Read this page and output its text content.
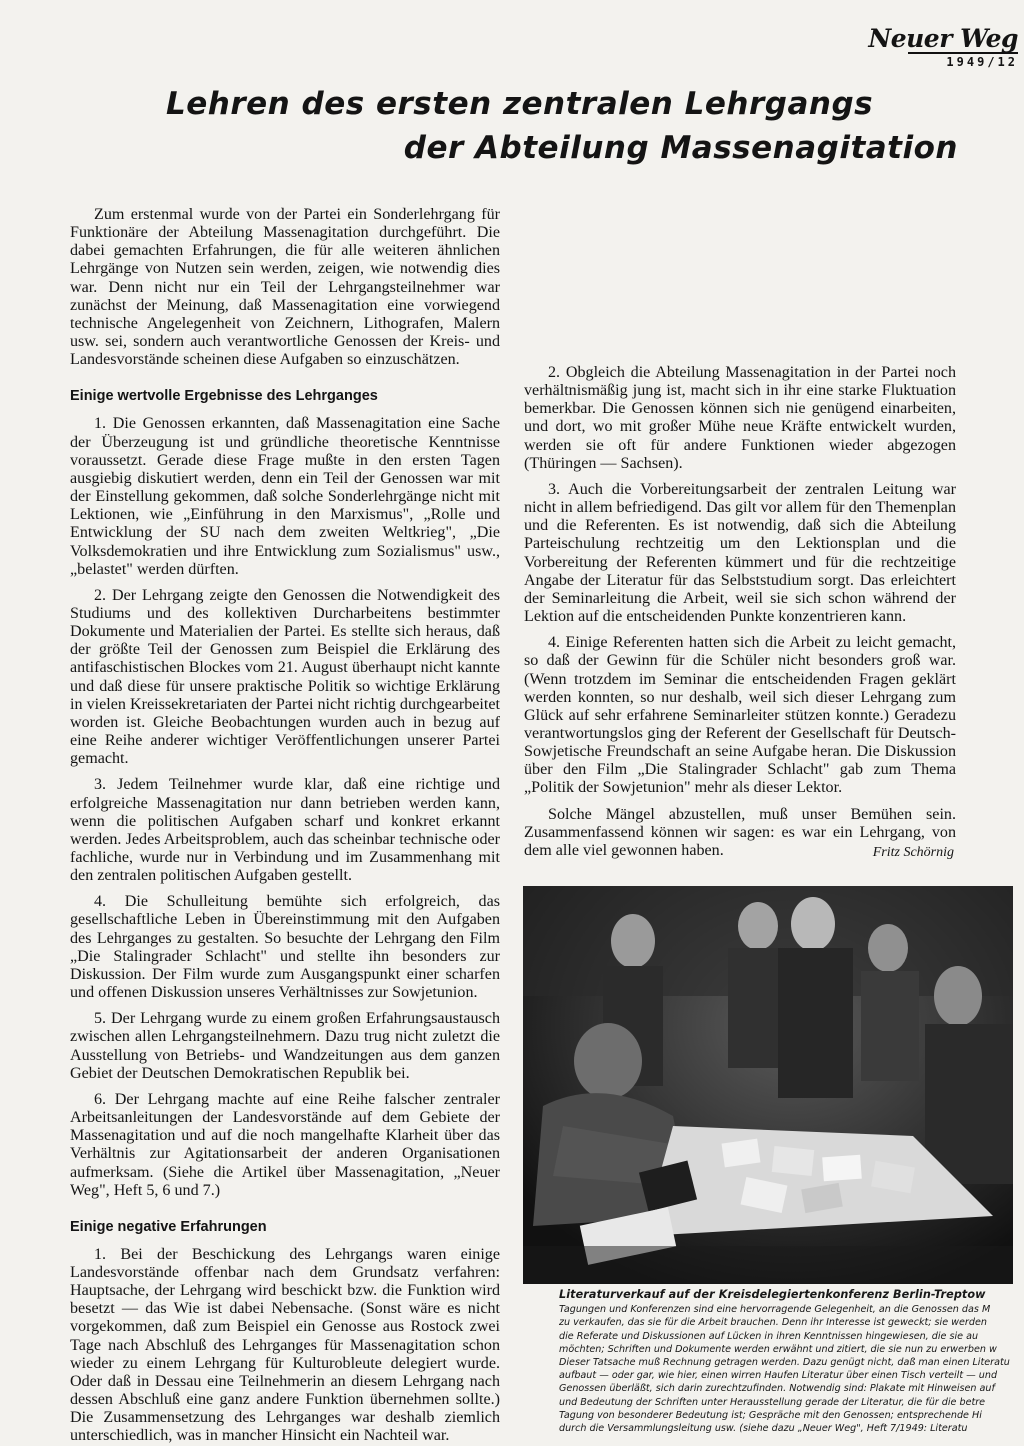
Neuer Weg
1949/12
Lehren des ersten zentralen Lehrgangs
der Abteilung Massenagitation

Zum erstenmal wurde von der Partei ein Sonderlehrgang für Funktionäre der Abteilung Massenagitation durchgeführt. Die dabei gemachten Erfahrungen, die für alle weiteren ähnlichen Lehrgänge von Nutzen sein werden, zeigen, wie notwendig dies war. Denn nicht nur ein Teil der Lehrgangsteilnehmer war zunächst der Meinung, daß Massenagitation eine vorwiegend technische Angelegenheit von Zeichnern, Lithografen, Malern usw. sei, sondern auch verantwortliche Genossen der Kreis- und Landesvorstände scheinen diese Aufgaben so einzuschätzen.

Einige wertvolle Ergebnisse des Lehrganges

1. Die Genossen erkannten, daß Massenagitation eine Sache der Überzeugung ist und gründliche theoretische Kenntnisse voraussetzt. Gerade diese Frage mußte in den ersten Tagen ausgiebig diskutiert werden, denn ein Teil der Genossen war mit der Einstellung gekommen, daß solche Sonderlehrgänge nicht mit Lektionen, wie „Einführung in den Marxismus", „Rolle und Entwicklung der SU nach dem zweiten Weltkrieg", „Die Volksdemokratien und ihre Entwicklung zum Sozialismus" usw., „belastet" werden dürften.

2. Der Lehrgang zeigte den Genossen die Notwendigkeit des Studiums und des kollektiven Durcharbeitens bestimmter Dokumente und Materialien der Partei. Es stellte sich heraus, daß der größte Teil der Genossen zum Beispiel die Erklärung des antifaschistischen Blockes vom 21. August überhaupt nicht kannte und daß diese für unsere praktische Politik so wichtige Erklärung in vielen Kreissekretariaten der Partei nicht richtig durchgearbeitet worden ist. Gleiche Beobachtungen wurden auch in bezug auf eine Reihe anderer wichtiger Veröffentlichungen unserer Partei gemacht.

3. Jedem Teilnehmer wurde klar, daß eine richtige und erfolgreiche Massenagitation nur dann betrieben werden kann, wenn die politischen Aufgaben scharf und konkret erkannt werden. Jedes Arbeitsproblem, auch das scheinbar technische oder fachliche, wurde nur in Verbindung und im Zusammenhang mit den zentralen politischen Aufgaben gestellt.

4. Die Schulleitung bemühte sich erfolgreich, das gesellschaftliche Leben in Übereinstimmung mit den Aufgaben des Lehrganges zu gestalten. So besuchte der Lehrgang den Film „Die Stalingrader Schlacht" und stellte ihn besonders zur Diskussion. Der Film wurde zum Ausgangspunkt einer scharfen und offenen Diskussion unseres Verhältnisses zur Sowjetunion.

5. Der Lehrgang wurde zu einem großen Erfahrungsaustausch zwischen allen Lehrgangsteilnehmern. Dazu trug nicht zuletzt die Ausstellung von Betriebs- und Wandzeitungen aus dem ganzen Gebiet der Deutschen Demokratischen Republik bei.

6. Der Lehrgang machte auf eine Reihe falscher zentraler Arbeitsanleitungen der Landesvorstände auf dem Gebiete der Massenagitation und auf die noch mangelhafte Klarheit über das Verhältnis zur Agitationsarbeit der anderen Organisationen aufmerksam. (Siehe die Artikel über Massenagitation, „Neuer Weg", Heft 5, 6 und 7.)

Einige negative Erfahrungen

1. Bei der Beschickung des Lehrgangs waren einige Landesvorstände offenbar nach dem Grundsatz verfahren: Hauptsache, der Lehrgang wird beschickt bzw. die Funktion wird besetzt — das Wie ist dabei Nebensache. (Sonst wäre es nicht vorgekommen, daß zum Beispiel ein Genosse aus Rostock zwei Tage nach Abschluß des Lehrganges für Massenagitation schon wieder zu einem Lehrgang für Kulturobleute delegiert wurde. Oder daß in Dessau eine Teilnehmerin an diesem Lehrgang nach dessen Abschluß eine ganz andere Funktion übernehmen sollte.) Die Zusammensetzung des Lehrganges war deshalb ziemlich unterschiedlich, was in mancher Hinsicht ein Nachteil war.

2. Obgleich die Abteilung Massenagitation in der Partei noch verhältnismäßig jung ist, macht sich in ihr eine starke Fluktuation bemerkbar. Die Genossen können sich nie genügend einarbeiten, und dort, wo mit großer Mühe neue Kräfte entwickelt wurden, werden sie oft für andere Funktionen wieder abgezogen (Thüringen — Sachsen).

3. Auch die Vorbereitungsarbeit der zentralen Leitung war nicht in allem befriedigend. Das gilt vor allem für den Themenplan und die Referenten. Es ist notwendig, daß sich die Abteilung Parteischulung rechtzeitig um den Lektionsplan und die Vorbereitung der Referenten kümmert und für die rechtzeitige Angabe der Literatur für das Selbststudium sorgt. Das erleichtert der Seminarleitung die Arbeit, weil sie sich schon während der Lektion auf die entscheidenden Punkte konzentrieren kann.

4. Einige Referenten hatten sich die Arbeit zu leicht gemacht, so daß der Gewinn für die Schüler nicht besonders groß war. (Wenn trotzdem im Seminar die entscheidenden Fragen geklärt werden konnten, so nur deshalb, weil sich dieser Lehrgang zum Glück auf sehr erfahrene Seminarleiter stützen konnte.) Geradezu verantwortungslos ging der Referent der Gesellschaft für Deutsch-Sowjetische Freundschaft an seine Aufgabe heran. Die Diskussion über den Film „Die Stalingrader Schlacht" gab zum Thema „Politik der Sowjetunion" mehr als dieser Lektor.

Solche Mängel abzustellen, muß unser Bemühen sein. Zusammenfassend können wir sagen: es war ein Lehrgang, von dem alle viel gewonnen haben.	Fritz Schörnig
Literaturverkauf auf der Kreisdelegiertenkonferenz Berlin-Treptow
Tagungen und Konferenzen sind eine hervorragende Gelegenheit, an die Genossen das M
zu verkaufen, das sie für die Arbeit brauchen. Denn ihr Interesse ist geweckt; sie werden
die Referate und Diskussionen auf Lücken in ihren Kenntnissen hingewiesen, die sie au
möchten; Schriften und Dokumente werden erwähnt und zitiert, die sie nun zu erwerben w
Dieser Tatsache muß Rechnung getragen werden. Dazu genügt nicht, daß man einen Literatu
aufbaut — oder gar, wie hier, einen wirren Haufen Literatur über einen Tisch verteilt — und
Genossen überläßt, sich darin zurechtzufinden. Notwendig sind: Plakate mit Hinweisen auf
und Bedeutung der Schriften unter Herausstellung gerade der Literatur, die für die betre
Tagung von besonderer Bedeutung ist; Gespräche mit den Genossen; entsprechende Hi
durch die Versammlungsleitung usw. (siehe dazu „Neuer Weg", Heft 7/1949: Literatu
